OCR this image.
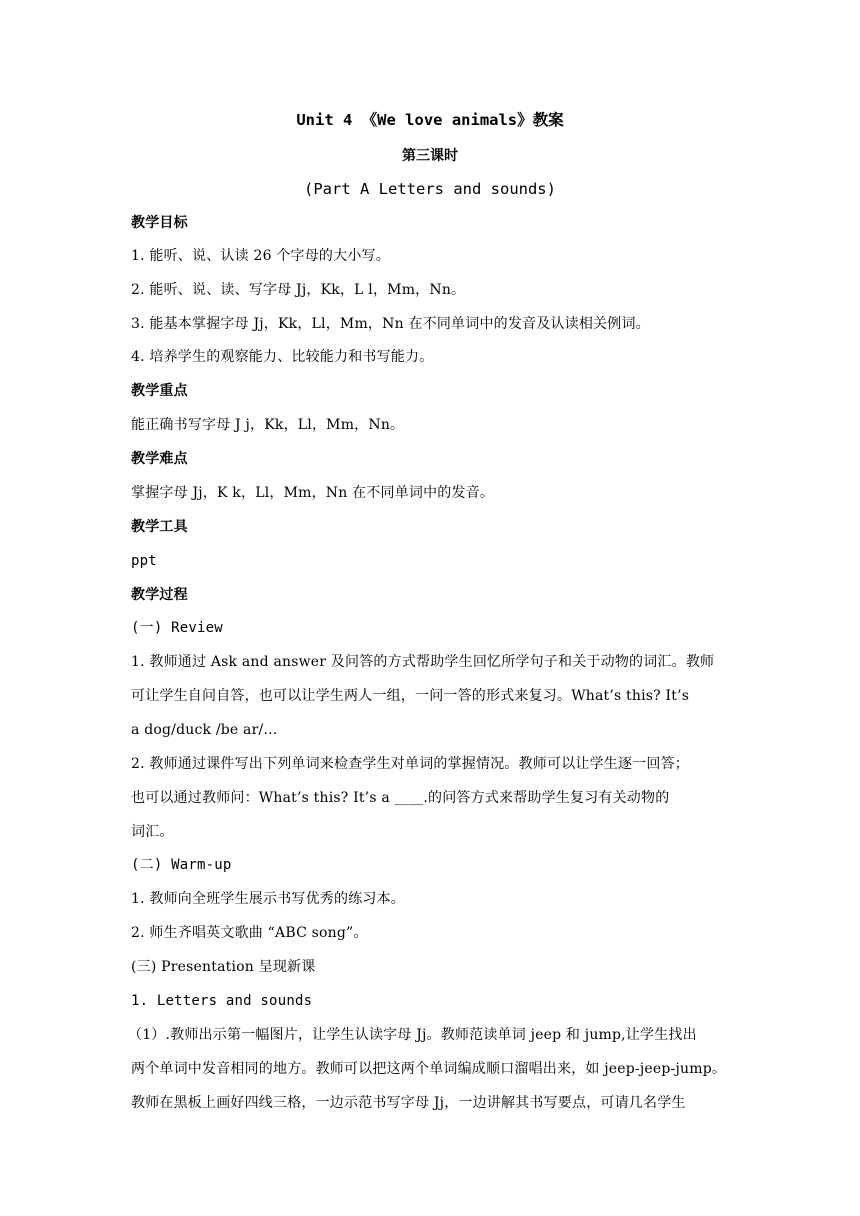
Unit 4 《We love animals》教案
第三课时
(Part A Letters and sounds)
教学目标
1. 能听、说、认读 26 个字母的大小写。
2. 能听、说、读、写字母 Jj，Kk，L l，Mm，Nn。
3. 能基本掌握字母 Jj，Kk，Ll，Mm，Nn 在不同单词中的发音及认读相关例词。
4. 培养学生的观察能力、比较能力和书写能力。
教学重点
能正确书写字母 J j，Kk，Ll，Mm，Nn。
教学难点
掌握字母 Jj，K k，Ll，Mm，Nn 在不同单词中的发音。
教学工具
ppt
教学过程
(一) Review
1. 教师通过 Ask and answer 及问答的方式帮助学生回忆所学句子和关于动物的词汇。教师
可让学生自问自答，也可以让学生两人一组，一问一答的形式来复习。What’s this? It’s
a dog/duck /be ar/…
2. 教师通过课件写出下列单词来检查学生对单词的掌握情况。教师可以让学生逐一回答；
也可以通过教师问：What’s this? It’s a ____.的问答方式来帮助学生复习有关动物的
词汇。
(二) Warm-up
1. 教师向全班学生展示书写优秀的练习本。
2. 师生齐唱英文歌曲 “ABC song”。
(三) Presentation 呈现新课
1. Letters and sounds
（1）.教师出示第一幅图片，让学生认读字母 Jj。教师范读单词 jeep 和 jump,让学生找出
两个单词中发音相同的地方。教师可以把这两个单词编成顺口溜唱出来，如 jeep-jeep-jump。
教师在黑板上画好四线三格，一边示范书写字母 Jj，一边讲解其书写要点，可请几名学生
